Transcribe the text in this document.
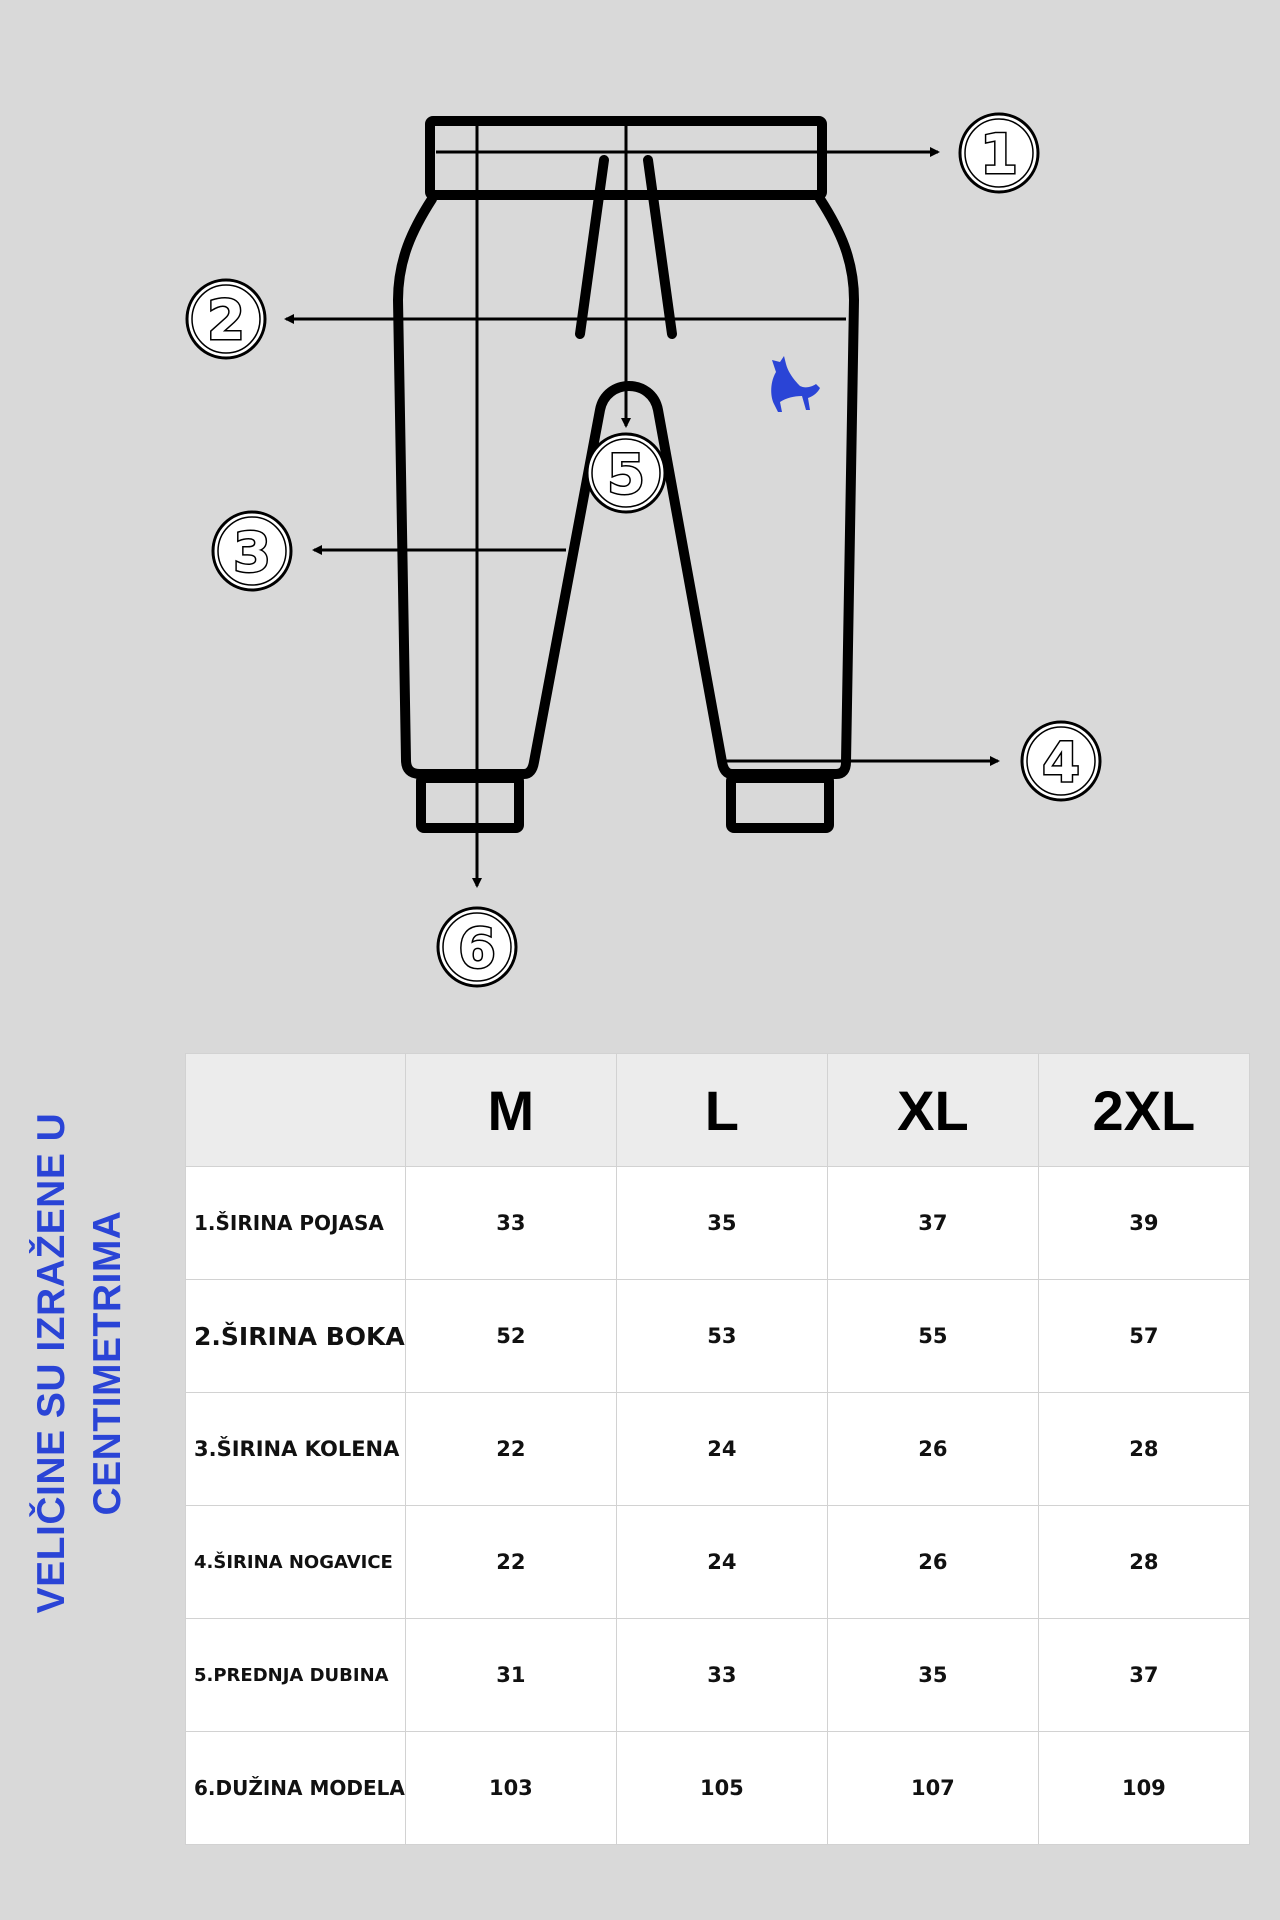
1
2
3
4
5
6
VELIČINE SU IZRAŽENE U CENTIMETRIMA
	M	L	XL	2XL
1.ŠIRINA POJASA	33	35	37	39
2.ŠIRINA BOKA	52	53	55	57
3.ŠIRINA KOLENA	22	24	26	28
4.ŠIRINA NOGAVICE	22	24	26	28
5.PREDNJA DUBINA	31	33	35	37
6.DUŽINA MODELA	103	105	107	109
